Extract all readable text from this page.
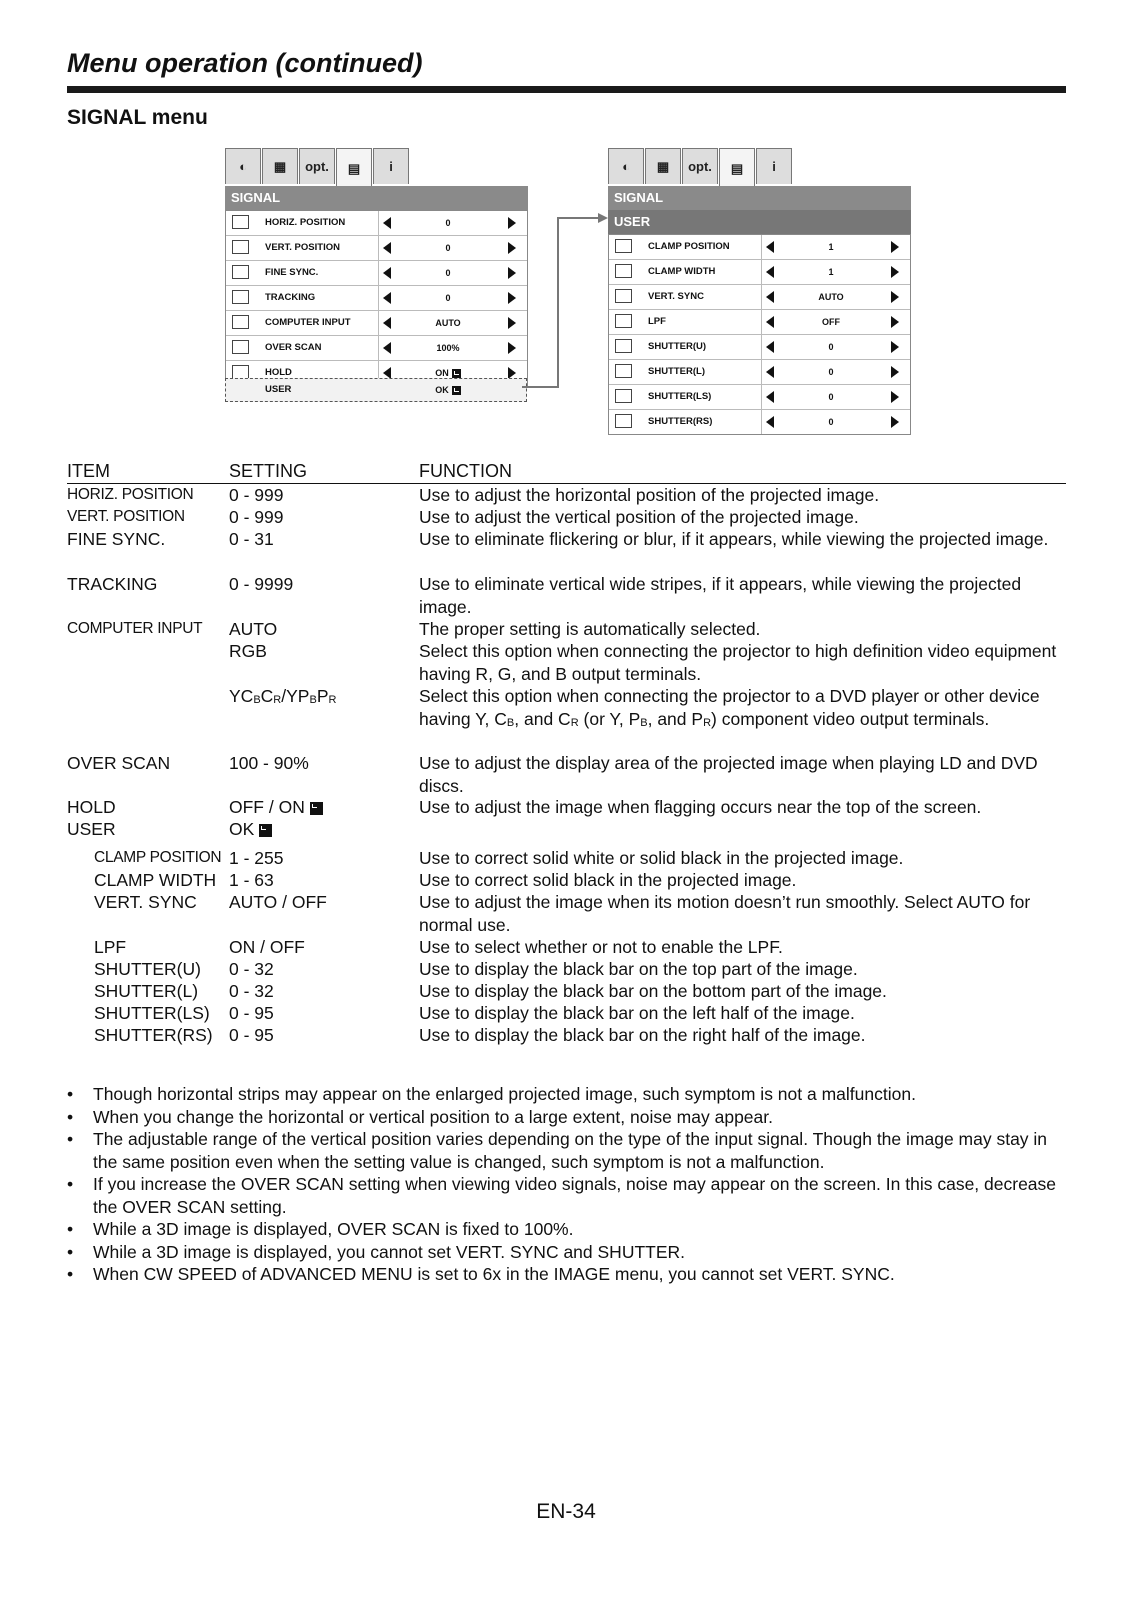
Menu operation (continued)
SIGNAL menu
◐	▦	opt.	▤	i
SIGNAL
HORIZ. POSITION	0
VERT. POSITION	0
FINE SYNC.	0
TRACKING	0
COMPUTER INPUT	AUTO
OVER SCAN	100%
HOLD	ON
USER	OK
◐	▦	opt.	▤	i
SIGNAL
USER
CLAMP POSITION	1
CLAMP WIDTH	1
VERT. SYNC	AUTO
LPF	OFF
SHUTTER(U)	0
SHUTTER(L)	0
SHUTTER(LS)	0
SHUTTER(RS)	0
ITEM	SETTING	FUNCTION
HORIZ. POSITION 0 - 999	Use to adjust the horizontal position of the projected image.
VERT. POSITION	0 - 999	Use to adjust the vertical position of the projected image.
FINE SYNC.	0 - 31	Use to eliminate flickering or blur, if it appears, while viewing the projected image.
TRACKING	0 - 9999	Use to eliminate vertical wide stripes, if it appears, while viewing the projected image.
COMPUTER INPUT AUTO	The proper setting is automatically selected.
RGB	Select this option when connecting the projector to high definition video equipment having R, G, and B output terminals.
$YC_BC_R/YP_BP_R$	Select this option when connecting the projector to a DVD player or other device having Y, $C_B$, and $C_R$ (or Y, $P_B$, and $P_R$) component video output terminals.
OVER SCAN	100 - 90%	Use to adjust the display area of the projected image when playing LD and DVD discs.
HOLD	OFF / ON	Use to adjust the image when flagging occurs near the top of the screen.
USER	OK
CLAMP POSITION 1 - 255	Use to correct solid white or solid black in the projected image.
CLAMP WIDTH 1 - 63	Use to correct solid black in the projected image.
VERT. SYNC AUTO / OFF	Use to adjust the image when its motion doesn’t run smoothly. Select AUTO for normal use.
LPF	ON / OFF	Use to select whether or not to enable the LPF.
SHUTTER(U) 0 - 32	Use to display the black bar on the top part of the image.
SHUTTER(L) 0 - 32	Use to display the black bar on the bottom part of the image.
SHUTTER(LS) 0 - 95	Use to display the black bar on the left half of the image.
SHUTTER(RS) 0 - 95	Use to display the black bar on the right half of the image.
• Though horizontal strips may appear on the enlarged projected image, such symptom is not a malfunction.
• When you change the horizontal or vertical position to a large extent, noise may appear.
• The adjustable range of the vertical position varies depending on the type of the input signal. Though the image may stay in the same position even when the setting value is changed, such symptom is not a malfunction.
• If you increase the OVER SCAN setting when viewing video signals, noise may appear on the screen. In this case, decrease the OVER SCAN setting.
• While a 3D image is displayed, OVER SCAN is fixed to 100%.
• While a 3D image is displayed, you cannot set VERT. SYNC and SHUTTER.
• When CW SPEED of ADVANCED MENU is set to 6x in the IMAGE menu, you cannot set VERT. SYNC.
EN-34
